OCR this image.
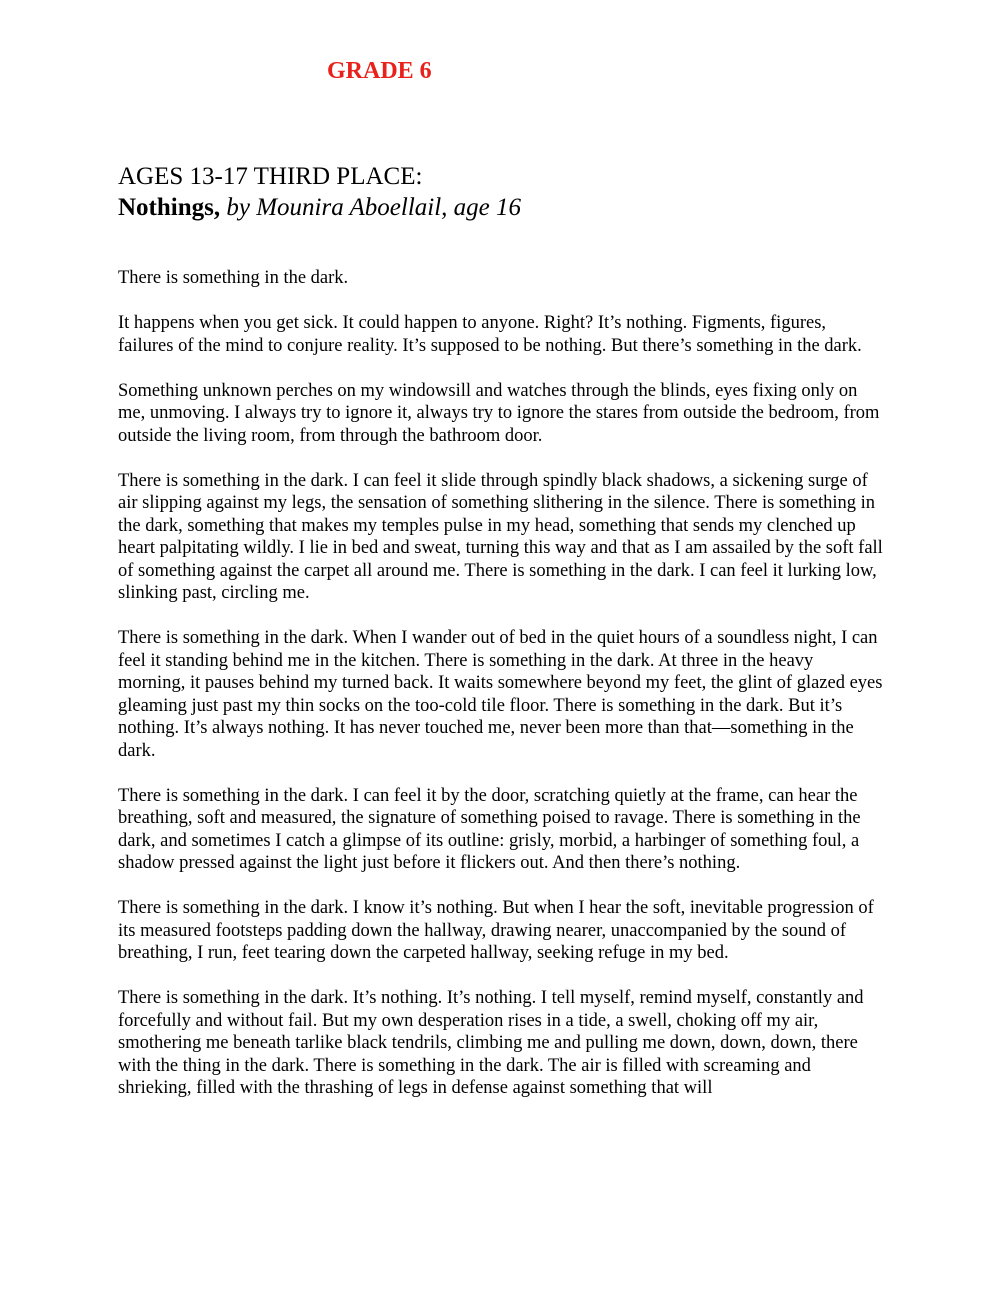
GRADE 6
AGES 13-17 THIRD PLACE:
Nothings, by Mounira Aboellail, age 16

There is something in the dark.

It happens when you get sick. It could happen to anyone. Right? It’s nothing. Figments, figures, failures of the mind to conjure reality. It’s supposed to be nothing. But there’s something in the dark.

Something unknown perches on my windowsill and watches through the blinds, eyes fixing only on me, unmoving. I always try to ignore it, always try to ignore the stares from outside the bedroom, from outside the living room, from through the bathroom door.

There is something in the dark. I can feel it slide through spindly black shadows, a sickening surge of air slipping against my legs, the sensation of something slithering in the silence. There is something in the dark, something that makes my temples pulse in my head, something that sends my clenched up heart palpitating wildly. I lie in bed and sweat, turning this way and that as I am assailed by the soft fall of something against the carpet all around me. There is something in the dark. I can feel it lurking low, slinking past, circling me.

There is something in the dark. When I wander out of bed in the quiet hours of a soundless night, I can feel it standing behind me in the kitchen. There is something in the dark. At three in the heavy morning, it pauses behind my turned back. It waits somewhere beyond my feet, the glint of glazed eyes gleaming just past my thin socks on the too-cold tile floor. There is something in the dark. But it’s nothing. It’s always nothing. It has never touched me, never been more than that—something in the dark.

There is something in the dark. I can feel it by the door, scratching quietly at the frame, can hear the breathing, soft and measured, the signature of something poised to ravage. There is something in the dark, and sometimes I catch a glimpse of its outline: grisly, morbid, a harbinger of something foul, a shadow pressed against the light just before it flickers out. And then there’s nothing.

There is something in the dark. I know it’s nothing. But when I hear the soft, inevitable progression of its measured footsteps padding down the hallway, drawing nearer, unaccompanied by the sound of breathing, I run, feet tearing down the carpeted hallway, seeking refuge in my bed.

There is something in the dark. It’s nothing. It’s nothing. I tell myself, remind myself, constantly and forcefully and without fail. But my own desperation rises in a tide, a swell, choking off my air, smothering me beneath tarlike black tendrils, climbing me and pulling me down, down, down, there with the thing in the dark. There is something in the dark. The air is filled with screaming and shrieking, filled with the thrashing of legs in defense against something that will
